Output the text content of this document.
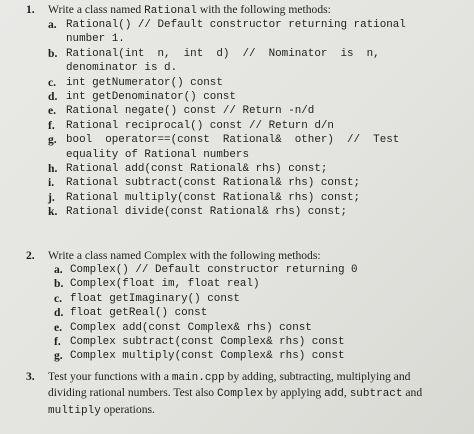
1. Write a class named Rational with the following methods:
a. Rational() // Default constructor returning rational
number 1.
b. Rational(int  n,  int  d)  //  Nominator  is  n,
denominator is d.
c. int getNumerator() const
d. int getDenominator() const
e. Rational negate() const // Return -n/d
f. Rational reciprocal() const // Return d/n
g. bool  operator==(const  Rational&  other)  //  Test
equality of Rational numbers
h. Rational add(const Rational& rhs) const;
i. Rational subtract(const Rational& rhs) const;
j. Rational multiply(const Rational& rhs) const;
k. Rational divide(const Rational& rhs) const;
2. Write a class named Complex with the following methods:
a. Complex() // Default constructor returning 0
b. Complex(float im, float real)
c. float getImaginary() const
d. float getReal() const
e. Complex add(const Complex& rhs) const
f. Complex subtract(const Complex& rhs) const
g. Complex multiply(const Complex& rhs) const
3. Test your functions with a main.cpp by adding, subtracting, multiplying and
dividing rational numbers. Test also Complex by applying add, subtract and
multiply operations.
